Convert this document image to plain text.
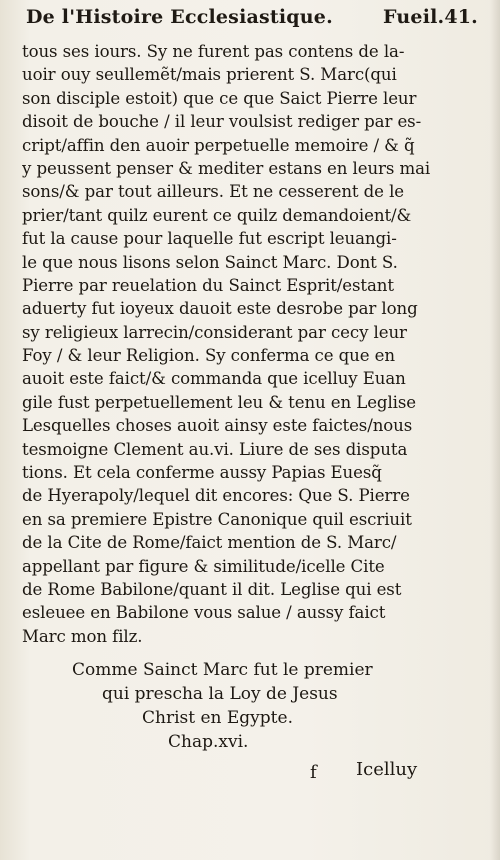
De l'Histoire Ecclesiastique.	Fueil.41.
tous ses iours. Sy ne furent pas contens de la-
uoir ouy seullemẽt/mais prierent S. Marc(qui
son disciple estoit) que ce que Saict Pierre leur
disoit de bouche / il leur voulsist rediger par es-
cript/affin den auoir perpetuelle memoire / & q̃
y peussent penser & mediter estans en leurs mai
sons/& par tout ailleurs. Et ne cesserent de le
prier/tant quilz eurent ce quilz demandoient/&
fut la cause pour laquelle fut escript leuangi-
le que nous lisons selon Sainct Marc. Dont S.
Pierre par reuelation du Sainct Esprit/estant
aduerty fut ioyeux dauoit este desrobe par long
sy religieux larrecin/considerant par cecy leur
Foy / & leur Religion. Sy conferma ce que en
auoit este faict/& commanda que icelluy Euan
gile fust perpetuellement leu & tenu en Leglise
Lesquelles choses auoit ainsy este faictes/nous
tesmoigne Clement au.vi. Liure de ses disputa
tions. Et cela conferme aussy Papias Euesq̃
de Hyerapoly/lequel dit encores: Que S. Pierre
en sa premiere Epistre Canonique quil escriuit
de la Cite de Rome/faict mention de S. Marc/
appellant par figure & similitude/icelle Cite
de Rome Babilone/quant il dit. Leglise qui est
esleuee en Babilone vous salue / aussy faict
Marc mon filz.
Comme Sainct Marc fut le premier
qui prescha la Loy de Jesus
Christ en Egypte.
Chap.xvi.
f Icelluy
